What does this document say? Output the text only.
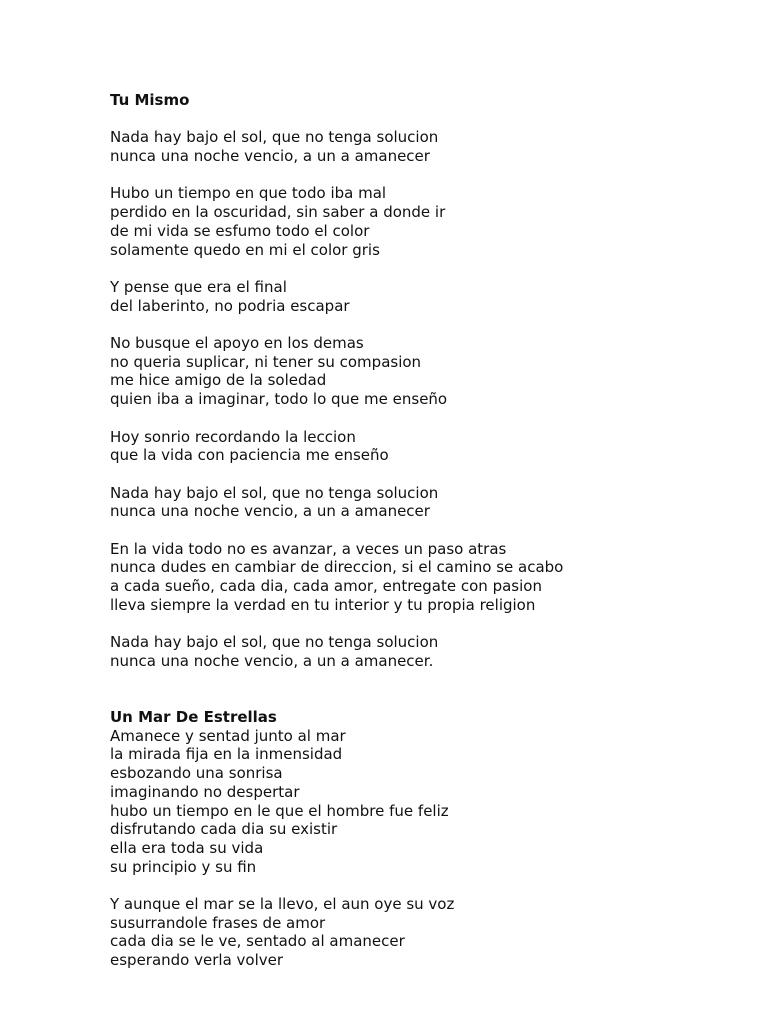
Tu Mismo
Nada hay bajo el sol, que no tenga solucion
nunca una noche vencio, a un a amanecer
Hubo un tiempo en que todo iba mal
perdido en la oscuridad, sin saber a donde ir
de mi vida se esfumo todo el color
solamente quedo en mi el color gris
Y pense que era el final
del laberinto, no podria escapar
No busque el apoyo en los demas
no queria suplicar, ni tener su compasion
me hice amigo de la soledad
quien iba a imaginar, todo lo que me enseño
Hoy sonrio recordando la leccion
que la vida con paciencia me enseño
Nada hay bajo el sol, que no tenga solucion
nunca una noche vencio, a un a amanecer
En la vida todo no es avanzar, a veces un paso atras
nunca dudes en cambiar de direccion, si el camino se acabo
a cada sueño, cada dia, cada amor, entregate con pasion
lleva siempre la verdad en tu interior y tu propia religion
Nada hay bajo el sol, que no tenga solucion
nunca una noche vencio, a un a amanecer.
Un Mar De Estrellas
Amanece y sentad junto al mar
la mirada fija en la inmensidad
esbozando una sonrisa
imaginando no despertar
hubo un tiempo en le que el hombre fue feliz
disfrutando cada dia su existir
ella era toda su vida
su principio y su fin
Y aunque el mar se la llevo, el aun oye su voz
susurrandole frases de amor
cada dia se le ve, sentado al amanecer
esperando verla volver
